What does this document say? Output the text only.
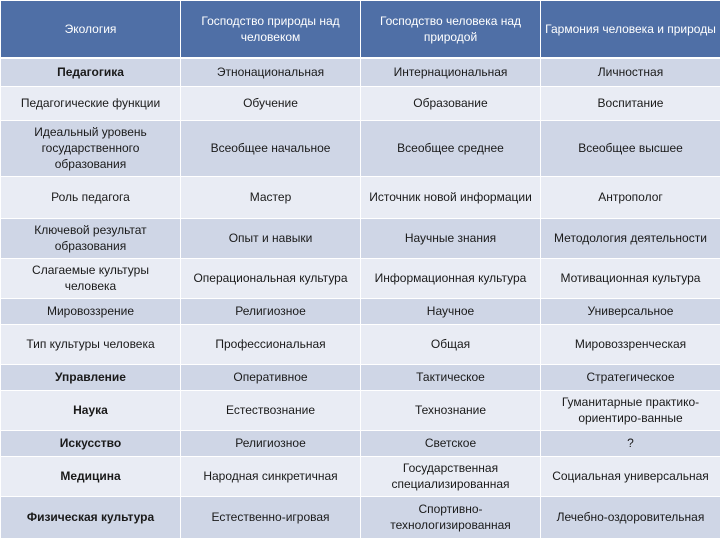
Экология	Господство природы над человеком	Господство человека над природой	Гармония человека и природы
Педагогика	Этнонациональная	Интернациональная	Личностная
Педагогические функции	Обучение	Образование	Воспитание
Идеальный уровень государственного образования	Всеобщее начальное	Всеобщее среднее	Всеобщее высшее
Роль педагога	Мастер	Источник новой информации	Антрополог
Ключевой результат образования	Опыт и навыки	Научные знания	Методология деятельности
Слагаемые культуры человека	Операциональная культура	Информационная культура	Мотивационная культура
Мировоззрение	Религиозное	Научное	Универсальное
Тип культуры человека	Профессиональная	Общая	Мировоззренческая
Управление	Оперативное	Тактическое	Стратегическое
Наука	Естествознание	Технознание	Гуманитарные практико-ориентиро-ванные
Искусство	Религиозное	Светское	?
Медицина	Народная синкретичная	Государственная специализированная	Социальная универсальная
Физическая культура	Естественно-игровая	Спортивно-технологизированная	Лечебно-оздоровительная
